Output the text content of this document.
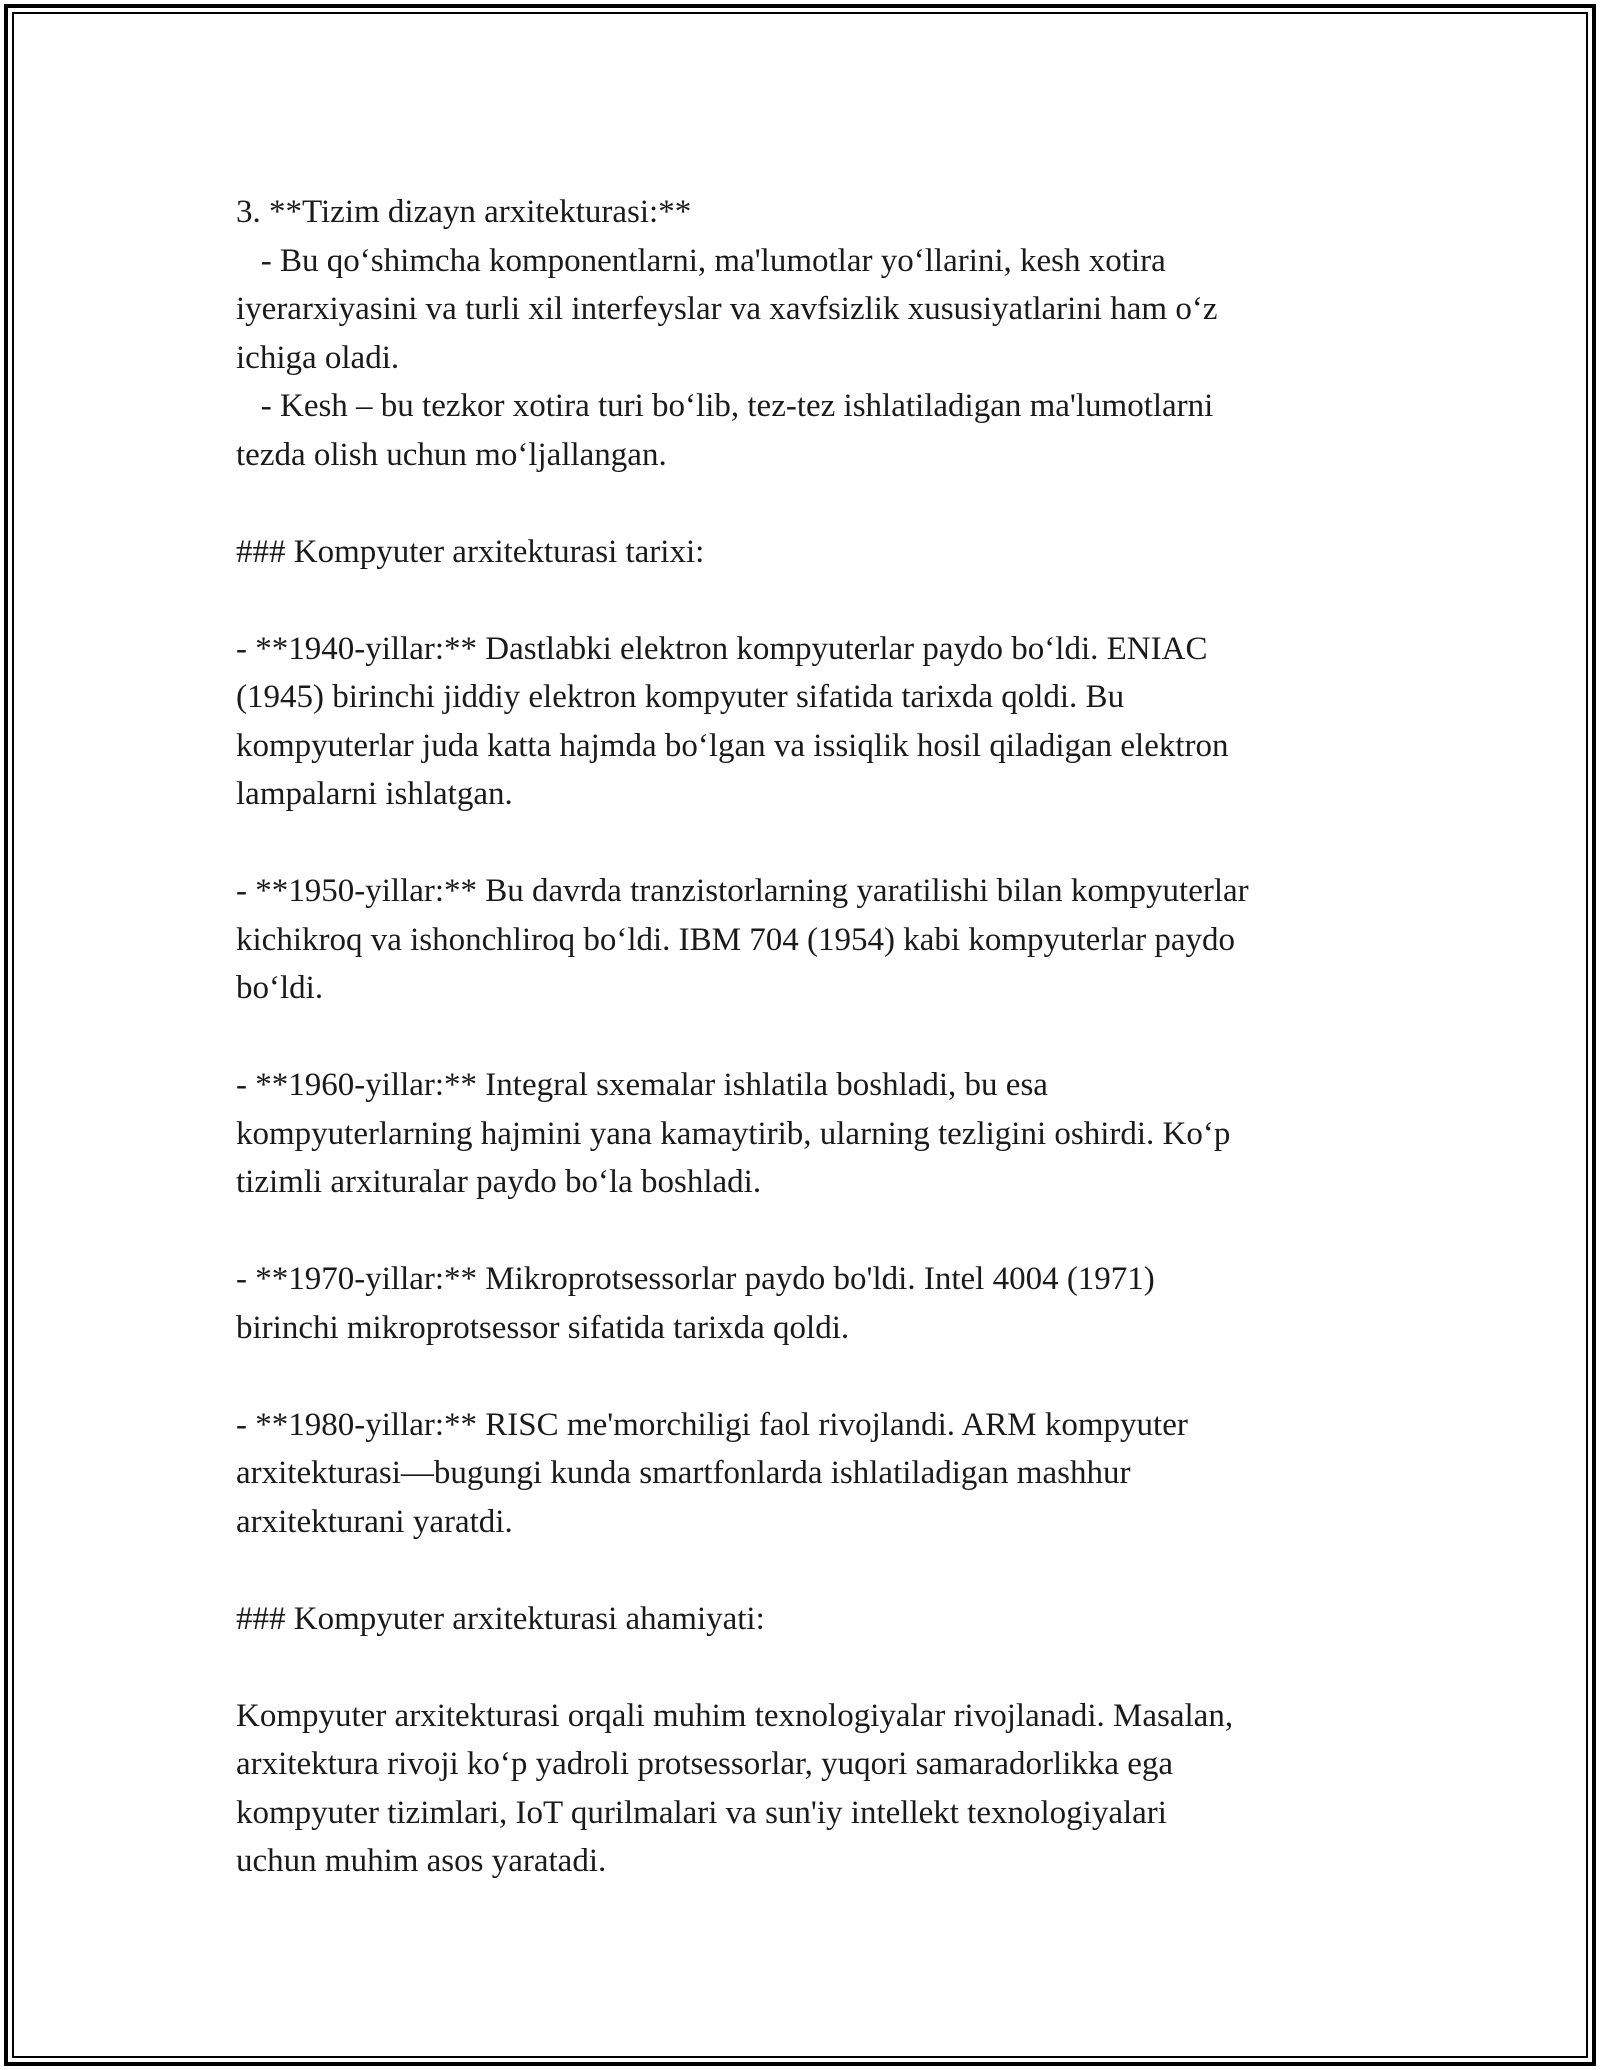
3. **Tizim dizayn arxitekturasi:**
- Bu qo‘shimcha komponentlarni, ma'lumotlar yo‘llarini, kesh xotira
iyerarxiyasini va turli xil interfeyslar va xavfsizlik xususiyatlarini ham o‘z
ichiga oladi.
- Kesh – bu tezkor xotira turi bo‘lib, tez-tez ishlatiladigan ma'lumotlarni
tezda olish uchun mo‘ljallangan.
### Kompyuter arxitekturasi tarixi:
- **1940-yillar:** Dastlabki elektron kompyuterlar paydo bo‘ldi. ENIAC
(1945) birinchi jiddiy elektron kompyuter sifatida tarixda qoldi. Bu
kompyuterlar juda katta hajmda bo‘lgan va issiqlik hosil qiladigan elektron
lampalarni ishlatgan.
- **1950-yillar:** Bu davrda tranzistorlarning yaratilishi bilan kompyuterlar
kichikroq va ishonchliroq bo‘ldi. IBM 704 (1954) kabi kompyuterlar paydo
bo‘ldi.
- **1960-yillar:** Integral sxemalar ishlatila boshladi, bu esa
kompyuterlarning hajmini yana kamaytirib, ularning tezligini oshirdi. Ko‘p
tizimli arxituralar paydo bo‘la boshladi.
- **1970-yillar:** Mikroprotsessorlar paydo bo'ldi. Intel 4004 (1971)
birinchi mikroprotsessor sifatida tarixda qoldi.
- **1980-yillar:** RISC me'morchiligi faol rivojlandi. ARM kompyuter
arxitekturasi—bugungi kunda smartfonlarda ishlatiladigan mashhur
arxitekturani yaratdi.
### Kompyuter arxitekturasi ahamiyati:
Kompyuter arxitekturasi orqali muhim texnologiyalar rivojlanadi. Masalan,
arxitektura rivoji ko‘p yadroli protsessorlar, yuqori samaradorlikka ega
kompyuter tizimlari, IoT qurilmalari va sun'iy intellekt texnologiyalari
uchun muhim asos yaratadi.
